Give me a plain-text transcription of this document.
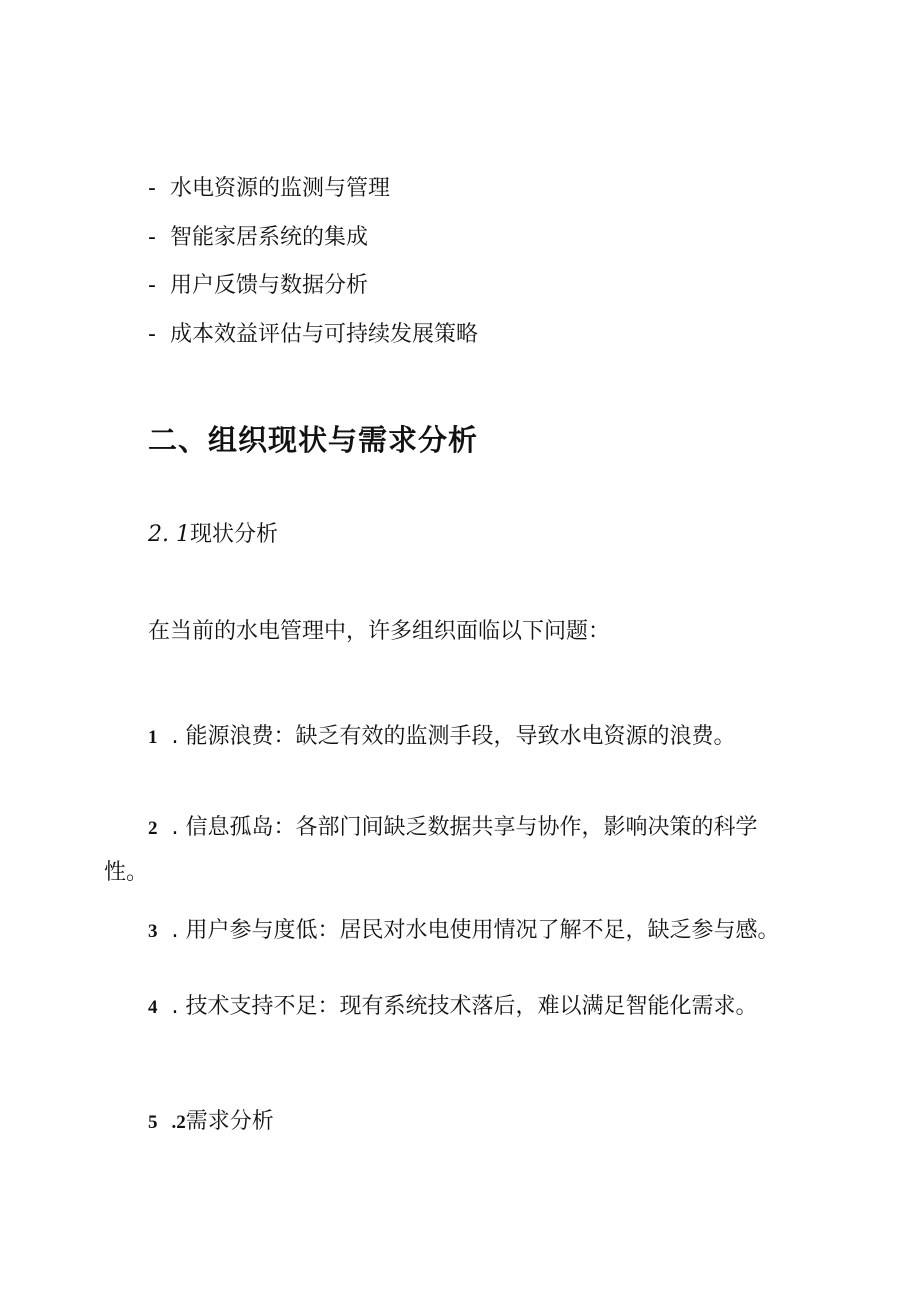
- 水电资源的监测与管理
- 智能家居系统的集成
- 用户反馈与数据分析
- 成本效益评估与可持续发展策略
二、组织现状与需求分析
2. 1现状分析
在当前的水电管理中，许多组织面临以下问题：
1 . 能源浪费：缺乏有效的监测手段，导致水电资源的浪费。
2 . 信息孤岛：各部门间缺乏数据共享与协作，影响决策的科学
性。
3 . 用户参与度低：居民对水电使用情况了解不足，缺乏参与感。
4 . 技术支持不足：现有系统技术落后，难以满足智能化需求。
5 .2需求分析
